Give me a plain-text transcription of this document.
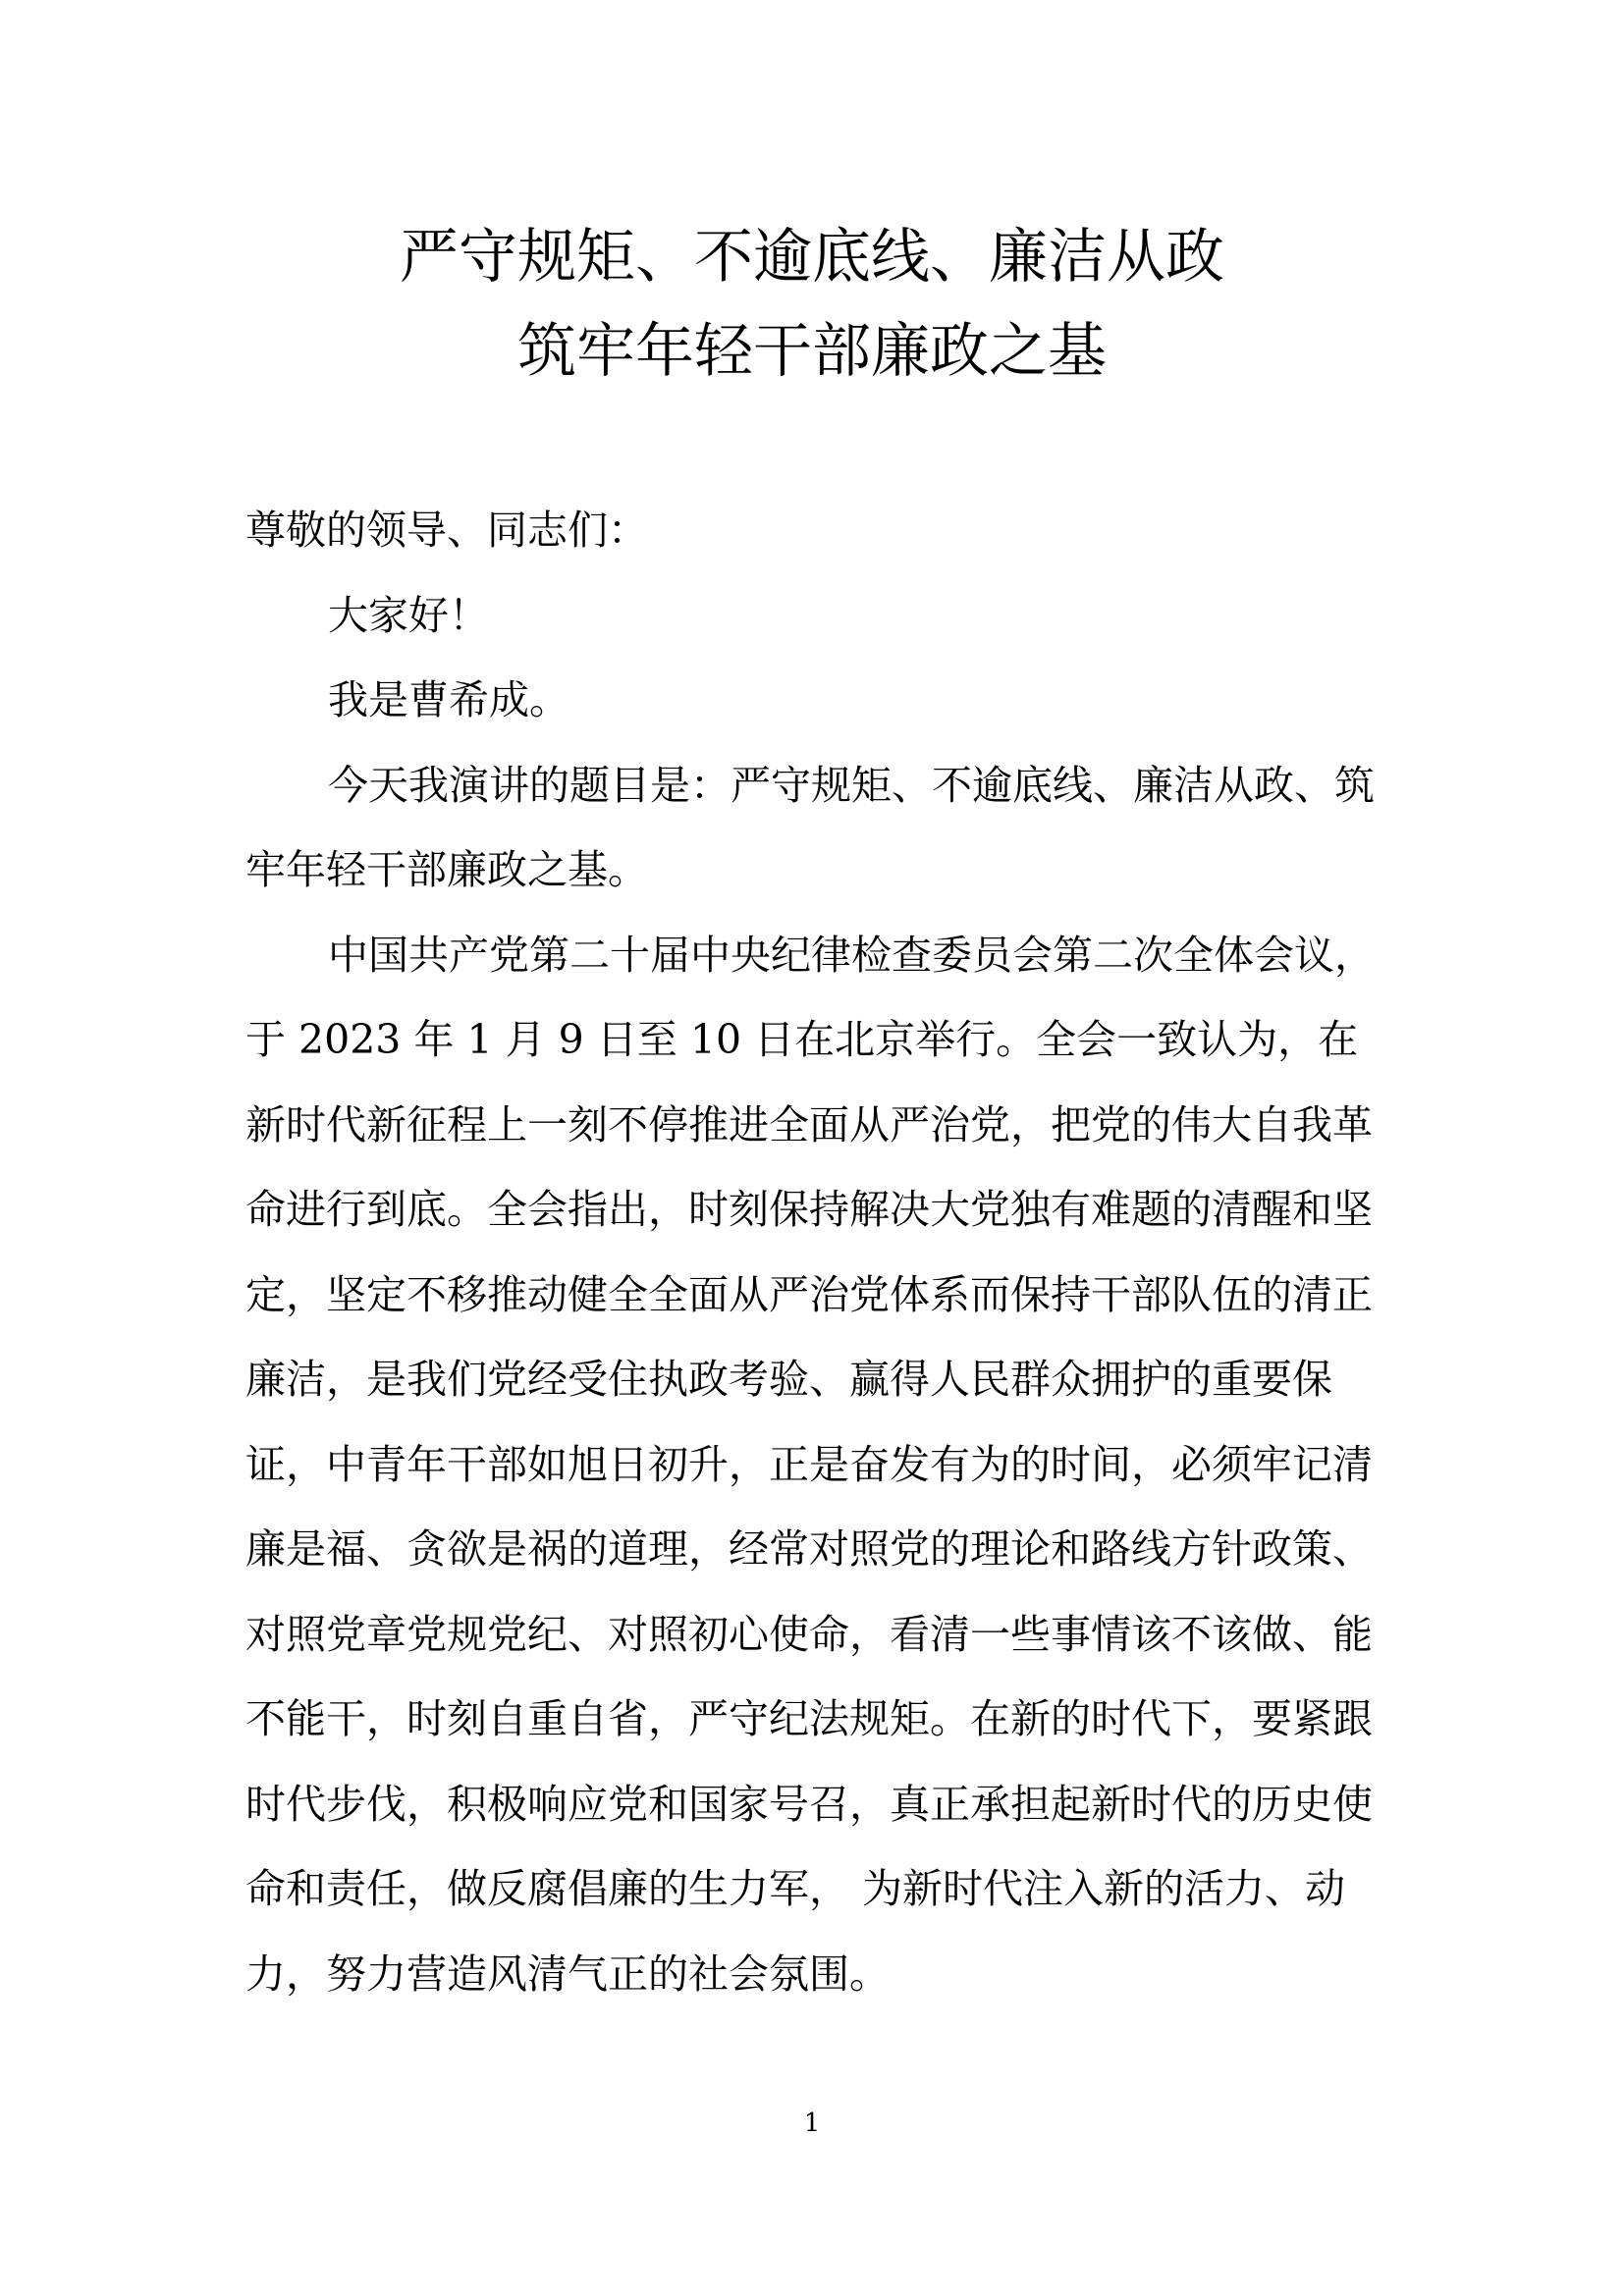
严守规矩、不逾底线、廉洁从政
筑牢年轻干部廉政之基

尊敬的领导、同志们：

大家好！

我是曹希成。

今天我演讲的题目是：严守规矩、不逾底线、廉洁从政、筑牢年轻干部廉政之基。

中国共产党第二十届中央纪律检查委员会第二次全体会议，于 2023 年 1 月 9 日至 10 日在北京举行。全会一致认为，在新时代新征程上一刻不停推进全面从严治党，把党的伟大自我革命进行到底。全会指出，时刻保持解决大党独有难题的清醒和坚定，坚定不移推动健全全面从严治党体系而保持干部队伍的清正廉洁，是我们党经受住执政考验、赢得人民群众拥护的重要保证，中青年干部如旭日初升，正是奋发有为的时间，必须牢记清廉是福、贪欲是祸的道理，经常对照党的理论和路线方针政策、对照党章党规党纪、对照初心使命，看清一些事情该不该做、能不能干，时刻自重自省，严守纪法规矩。在新的时代下，要紧跟时代步伐，积极响应党和国家号召，真正承担起新时代的历史使命和责任，做反腐倡廉的生力军， 为新时代注入新的活力、动力，努力营造风清气正的社会氛围。

1
